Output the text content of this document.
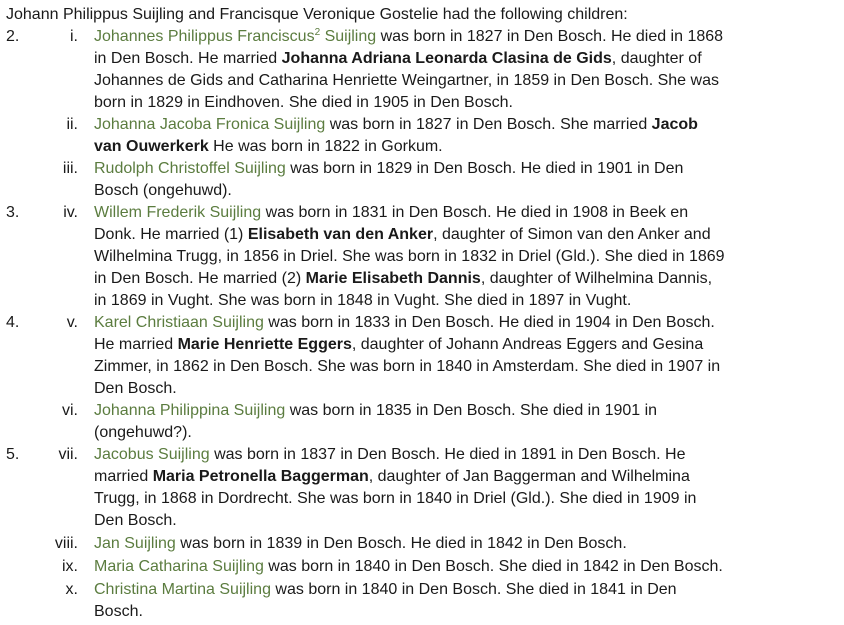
Johann Philippus Suijling and Francisque Veronique Gostelie had the following children:
2.	i. Johannes Philippus Franciscus$^2$ Suijling was born in 1827 in Den Bosch. He died in 1868

in Den Bosch. He married Johanna Adriana Leonarda Clasina de Gids, daughter of

Johannes de Gids and Catharina Henriette Weingartner, in 1859 in Den Bosch. She was

born in 1829 in Eindhoven. She died in 1905 in Den Bosch.

ii. Johanna Jacoba Fronica Suijling was born in 1827 in Den Bosch. She married Jacob

van Ouwerkerk He was born in 1822 in Gorkum.

iii. Rudolph Christoffel Suijling was born in 1829 in Den Bosch. He died in 1901 in Den

Bosch (ongehuwd).

3.	iv. Willem Frederik Suijling was born in 1831 in Den Bosch. He died in 1908 in Beek en

Donk. He married (1) Elisabeth van den Anker, daughter of Simon van den Anker and

Wilhelmina Trugg, in 1856 in Driel. She was born in 1832 in Driel (Gld.). She died in 1869

in Den Bosch. He married (2) Marie Elisabeth Dannis, daughter of Wilhelmina Dannis,

in 1869 in Vught. She was born in 1848 in Vught. She died in 1897 in Vught.

4.	v. Karel Christiaan Suijling was born in 1833 in Den Bosch. He died in 1904 in Den Bosch.

He married Marie Henriette Eggers, daughter of Johann Andreas Eggers and Gesina

Zimmer, in 1862 in Den Bosch. She was born in 1840 in Amsterdam. She died in 1907 in

Den Bosch.

vi. Johanna Philippina Suijling was born in 1835 in Den Bosch. She died in 1901 in

(ongehuwd?).

5. vii. Jacobus Suijling was born in 1837 in Den Bosch. He died in 1891 in Den Bosch. He

married Maria Petronella Baggerman, daughter of Jan Baggerman and Wilhelmina

Trugg, in 1868 in Dordrecht. She was born in 1840 in Driel (Gld.). She died in 1909 in

Den Bosch.

viii. Jan Suijling was born in 1839 in Den Bosch. He died in 1842 in Den Bosch.

ix. Maria Catharina Suijling was born in 1840 in Den Bosch. She died in 1842 in Den Bosch.

x. Christina Martina Suijling was born in 1840 in Den Bosch. She died in 1841 in Den

Bosch.
